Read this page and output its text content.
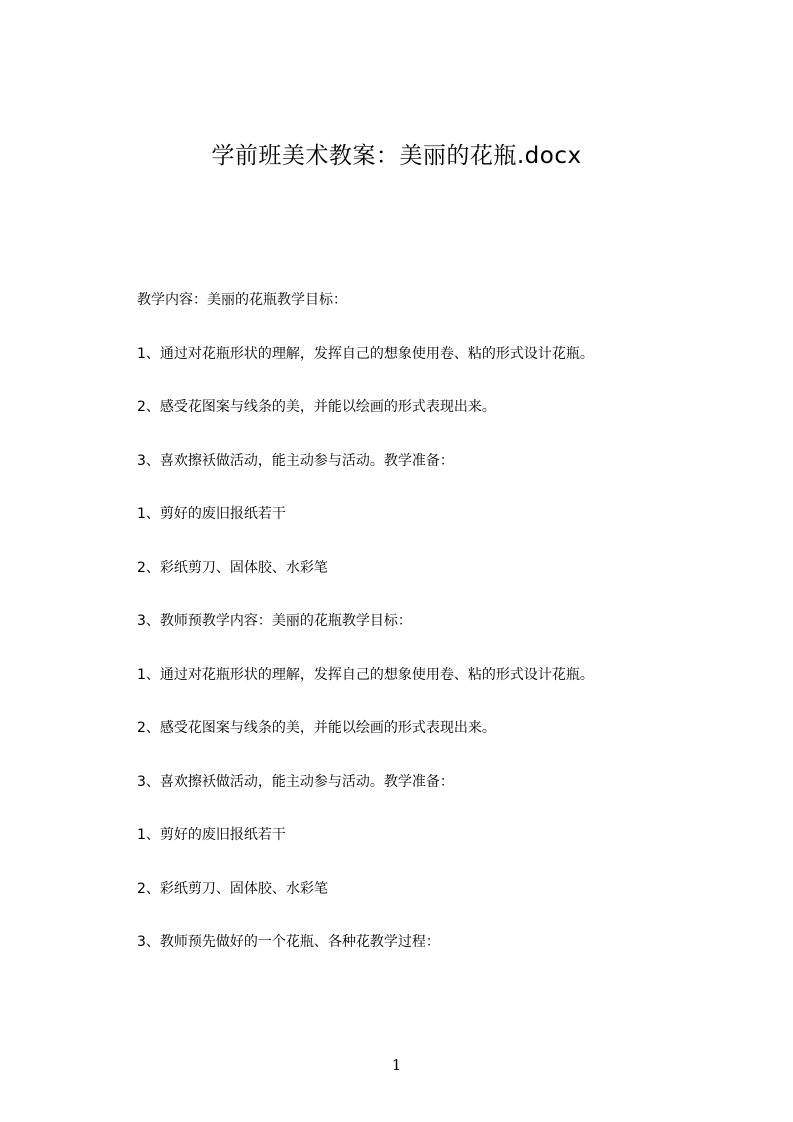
学前班美术教案：美丽的花瓶.docx
教学内容：美丽的花瓶教学目标：
1、通过对花瓶形状的理解，发挥自己的想象使用卷、粘的形式设计花瓶。
2、感受花图案与线条的美，并能以绘画的形式表现出来。
3、喜欢擦袄做活动，能主动参与活动。教学准备：
1、剪好的废旧报纸若干
2、彩纸剪刀、固体胶、水彩笔
3、教师预教学内容：美丽的花瓶教学目标：
1、通过对花瓶形状的理解，发挥自己的想象使用卷、粘的形式设计花瓶。
2、感受花图案与线条的美，并能以绘画的形式表现出来。
3、喜欢擦袄做活动，能主动参与活动。教学准备：
1、剪好的废旧报纸若干
2、彩纸剪刀、固体胶、水彩笔
3、教师预先做好的一个花瓶、各种花教学过程：
1
